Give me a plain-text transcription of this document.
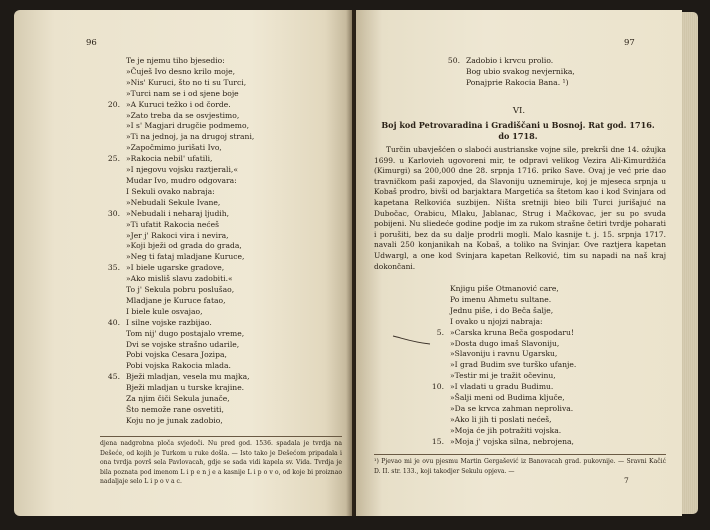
96
Te je njemu tiho bjesedio:
»Čuješ Ivo desno krilo moje,
»Nis' Kuruci, što no ti su Turci,
»Turci nam se i od sjene boje
20. »A Kuruci težko i od čorde.
»Zato treba da se osvjestimo,
»I s' Magjari drugčie podmemo,
»Ti na jednoj, ja na drugoj strani,
»Započmimo jurišati Ivo,
25. »Rakocia nebil' ufatili,
»I njegovu vojsku raztjerali,«
Mudar Ivo, mudro odgovara:
I Sekuli ovako nabraja:
»Nebudali Sekule Ivane,
30. »Nebudali i neharaj ljudih,
»Ti ufatit Rakocia nećeš
»Jer j' Rakoci vira i nevira,
»Koji bježi od grada do grada,
»Neg ti fataj mladjane Kuruce,
35. »I biele ugarske gradove,
»Ako misliš slavu zadobiti.«
To j' Sekula pobru poslušao,
Mladjane je Kuruce fatao,
I biele kule osvajao,
40. I silne vojske razbijao.
Tom nij' dugo postajalo vreme,
Dvi se vojske strašno udarile,
Pobi vojska Cesara Jozipa,
Pobi vojska Rakocia mlada.
45. Bježi mladjan, vesela mu majka,
Bježi mladjan u turske krajine.
Za njim čiči Sekula junače,
Što nemože rane osvetiti,
Koju no je junak zadobio,
djena nadgrobna ploča svjedoči. Nu pred god. 1536. spadala je tvrdja na Dešeće, od kojih je Turkom u ruke došla. — Isto tako je Dešećom pripadala i ona tvrdja površ sela Pavlovacah, gdje se sada vidi kapela sv. Vida. Tvrdja je bila poznata pod imenom L i p e n j e a kasnije L i p o v o, od koje bi proiznao nadaljaje selo L i p o v a c.
97
50. Zadobio i krvcu prolio.
Bog ubio svakog nevjernika,
Ponajprie Rakocia Bana. ¹)
VI.
Boj kod Petrovaradina i Gradiščani u Bosnoj. Rat god. 1716. do 1718.
Turčin ubavješćen o slaboći austrianske vojne sile, prekrši dne 14. ožujka 1699. u Karlovieh ugovoreni mir, te odpravi velikog Vezira Ali-Kimurdžića (Kimurgi) sa 200,000 dne 28. srpnja 1716. priko Save. Ovaj je već prie dao travničkom paši zapovjed, da Slavoniju uznemiruje, koj je mjeseca srpnja u Kobaš prodro, bivši od barjaktara Margetića sa štetom kao i kod Svinjara od kapetana Relkovića suzbijen. Ništa sretniji bieo bili Turci jurišajuć na Dubočac, Orabicu, Mlaku, Jablanac, Strug i Mačkovac, jer su po svuda pobijeni. Nu sliedeće godine podje im za rukom strašne četiri tvrdje poharati i porušiti, bez da su dalje prodrli mogli. Malo kasnije t. j. 15. srpnja 1717. navali 250 konjanikah na Kobaš, a toliko na Svinjar. Ove raztjera kapetan Udwargl, a one kod Svinjara kapetan Relković, tim su napadi na naš kraj dokončani.
Knjigu piše Otmanović care,
Po imenu Ahmetu sultane.
Jednu piše, i do Beča šalje,
I ovako u njojzi nabraja:
5. »Carska kruna Beča gospodaru!
»Dosta dugo imaš Slavoniju,
»Slavoniju i ravnu Ugarsku,
»I grad Budim sve turško ufanje.
»Testir mi je tražit očevinu,
10. »I vladati u gradu Budimu.
»Šalji meni od Budima ključe,
»Da se krvca zahman neproliva.
»Ako li jih ti poslati nećeš,
»Moja će jih potražiti vojska.
15. »Moja j' vojska silna, nebrojena,
¹) Pjevao mi je ovu pjesmu Martin Gergašević iz Banovacah grad. pukovnije. — Sravni Kačić D. II. str. 133., koji takodjer Sekulu opjeva. —
7
